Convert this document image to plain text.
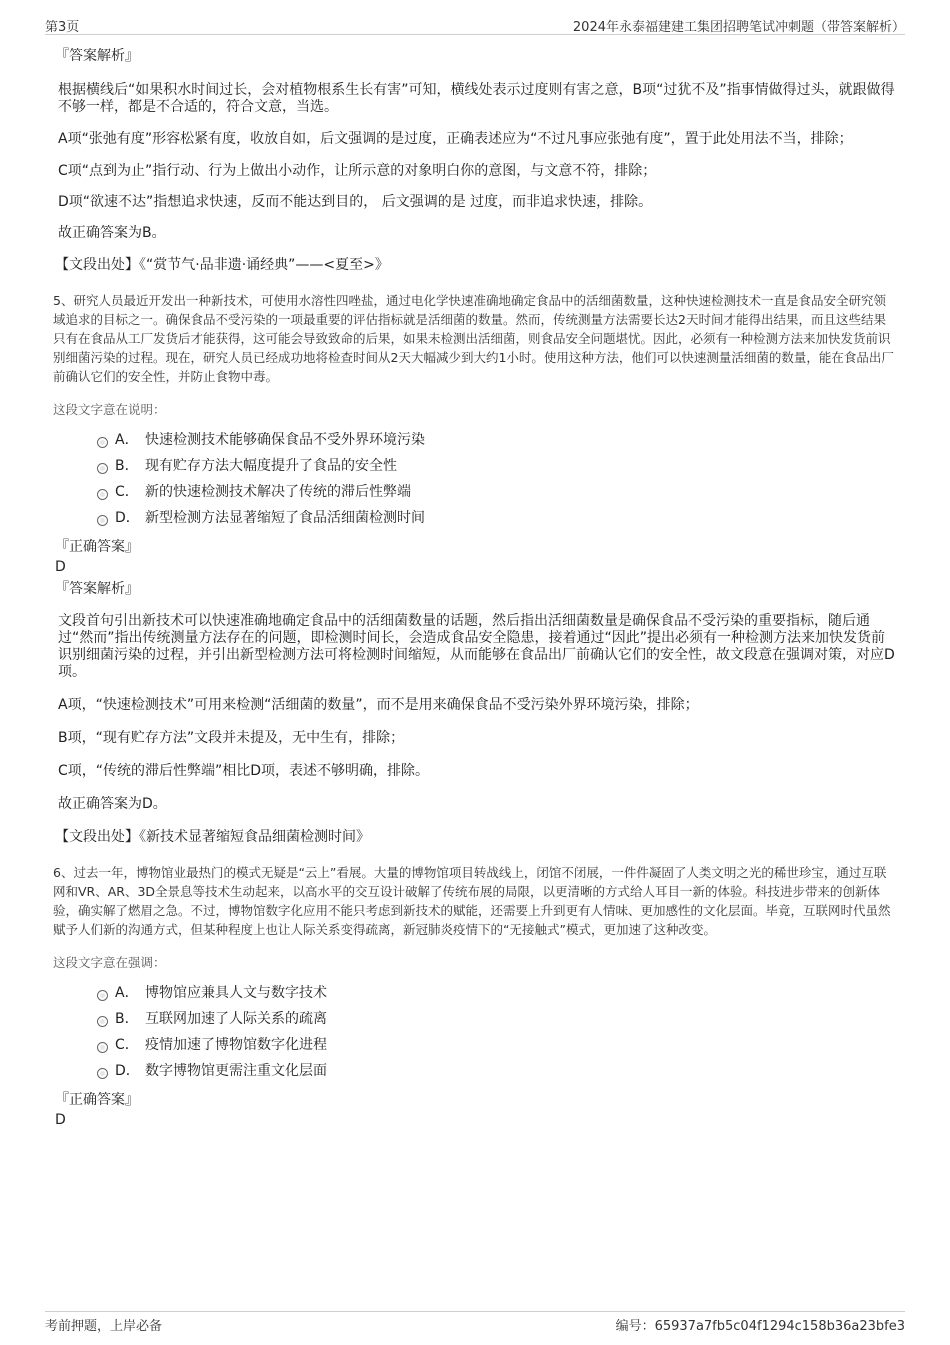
第3页	2024年永泰福建建工集团招聘笔试冲刺题（带答案解析）
『答案解析』

根据横线后“如果积水时间过长，会对植物根系生长有害”可知，横线处表示过度则有害之意，B项“过犹不及”指事情做得过头，就跟做得不够一样，都是不合适的，符合文意，当选。

A项“张弛有度”形容松紧有度，收放自如，后文强调的是过度，正确表述应为“不过凡事应张弛有度”，置于此处用法不当，排除；

C项“点到为止”指行动、行为上做出小动作，让所示意的对象明白你的意图，与文意不符，排除；

D项“欲速不达”指想追求快速，反而不能达到目的， 后文强调的是 过度，而非追求快速，排除。

故正确答案为B。

【文段出处】《“赏节气·品非遗·诵经典”——<夏至>》

5、研究人员最近开发出一种新技术，可使用水溶性四唑盐，通过电化学快速准确地确定食品中的活细菌数量，这种快速检测技术一直是食品安全研究领域追求的目标之一。确保食品不受污染的一项最重要的评估指标就是活细菌的数量。然而，传统测量方法需要长达2天时间才能得出结果，而且这些结果只有在食品从工厂发货后才能获得，这可能会导致致命的后果，如果未检测出活细菌，则食品安全问题堪忧。因此，必须有一种检测方法来加快发货前识别细菌污染的过程。现在，研究人员已经成功地将检查时间从2天大幅减少到大约1小时。使用这种方法，他们可以快速测量活细菌的数量，能在食品出厂前确认它们的安全性，并防止食物中毒。

这段文字意在说明：

A． 快速检测技术能够确保食品不受外界环境污染
B． 现有贮存方法大幅度提升了食品的安全性
C． 新的快速检测技术解决了传统的滞后性弊端
D． 新型检测方法显著缩短了食品活细菌检测时间
『正确答案』
D
『答案解析』

文段首句引出新技术可以快速准确地确定食品中的活细菌数量的话题，然后指出活细菌数量是确保食品不受污染的重要指标，随后通过“然而”指出传统测量方法存在的问题，即检测时间长，会造成食品安全隐患，接着通过“因此”提出必须有一种检测方法来加快发货前识别细菌污染的过程，并引出新型检测方法可将检测时间缩短，从而能够在食品出厂前确认它们的安全性，故文段意在强调对策，对应D项。

A项，“快速检测技术”可用来检测“活细菌的数量”，而不是用来确保食品不受污染外界环境污染，排除；

B项，“现有贮存方法”文段并未提及，无中生有，排除；

C项，“传统的滞后性弊端”相比D项，表述不够明确，排除。

故正确答案为D。

【文段出处】《新技术显著缩短食品细菌检测时间》

6、过去一年，博物馆业最热门的模式无疑是“云上”看展。大量的博物馆项目转战线上，闭馆不闭展，一件件凝固了人类文明之光的稀世珍宝，通过互联网和VR、AR、3D全景息等技术生动起来，以高水平的交互设计破解了传统布展的局限，以更清晰的方式给人耳目一新的体验。科技进步带来的创新体验，确实解了燃眉之急。不过，博物馆数字化应用不能只考虑到新技术的赋能，还需要上升到更有人情味、更加感性的文化层面。毕竟，互联网时代虽然赋予人们新的沟通方式，但某种程度上也让人际关系变得疏离，新冠肺炎疫情下的“无接触式”模式，更加速了这种改变。

这段文字意在强调：

A． 博物馆应兼具人文与数字技术
B． 互联网加速了人际关系的疏离
C． 疫情加速了博物馆数字化进程
D． 数字博物馆更需注重文化层面
『正确答案』
D
考前押题，上岸必备	编号：65937a7fb5c04f1294c158b36a23bfe3
